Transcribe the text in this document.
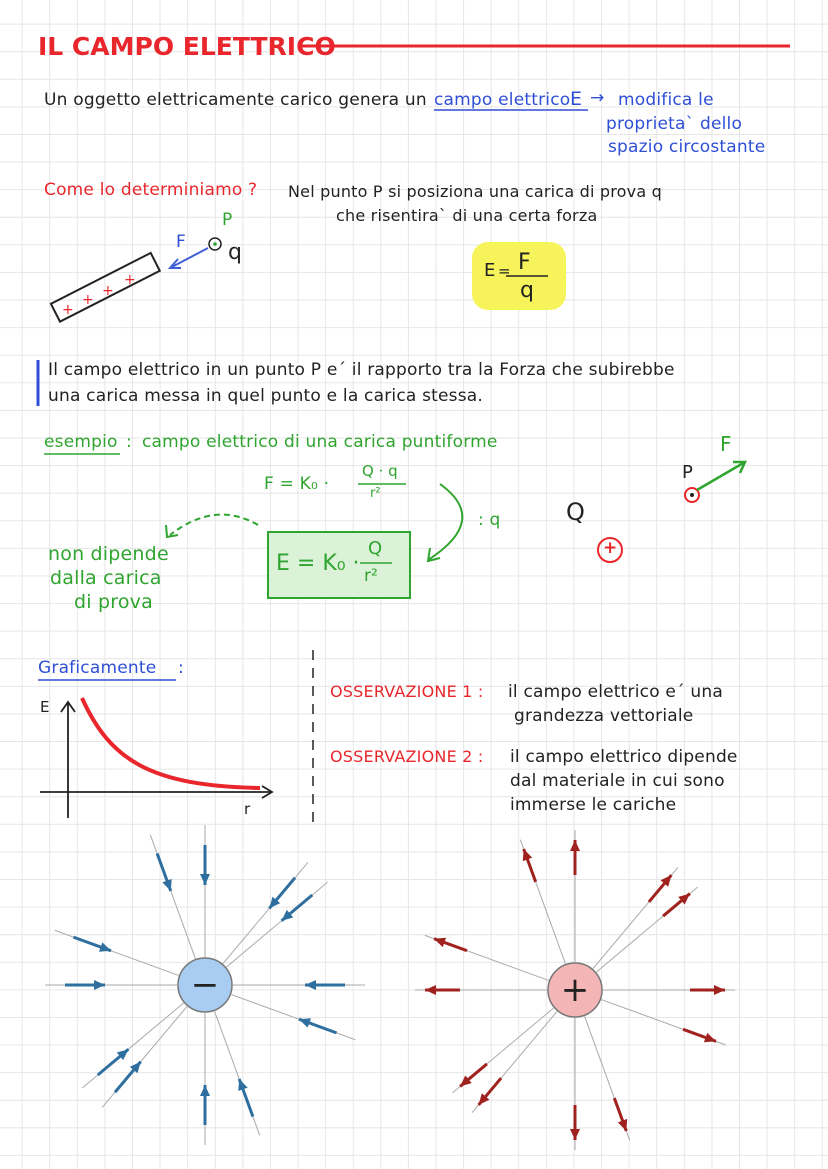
IL CAMPO ELETTRICO
Un oggetto elettricamente carico genera un campo elettrico E → modifica le
proprieta` dello
spazio circostante
Come lo determiniamo ? Nel punto P si posiziona una carica di prova q
che risentira` di una certa forza
P
F q
+
+
+
+	E = F
q
Il campo elettrico in un punto P e´ il rapporto tra la Forza che subirebbe
una carica messa in quel punto e la carica stessa.
esempio : campo elettrico di una carica puntiforme
F = K₀ ·
Q · q
r²
: q
E = K₀ ·
Q
r²
non dipende
dalla carica
di prova
Q
+
P
F
Graficamente :
E
r
OSSERVAZIONE 1 : il campo elettrico e´ una
grandezza vettoriale
OSSERVAZIONE 2 : il campo elettrico dipende
dal materiale in cui sono
immerse le cariche
−	+
